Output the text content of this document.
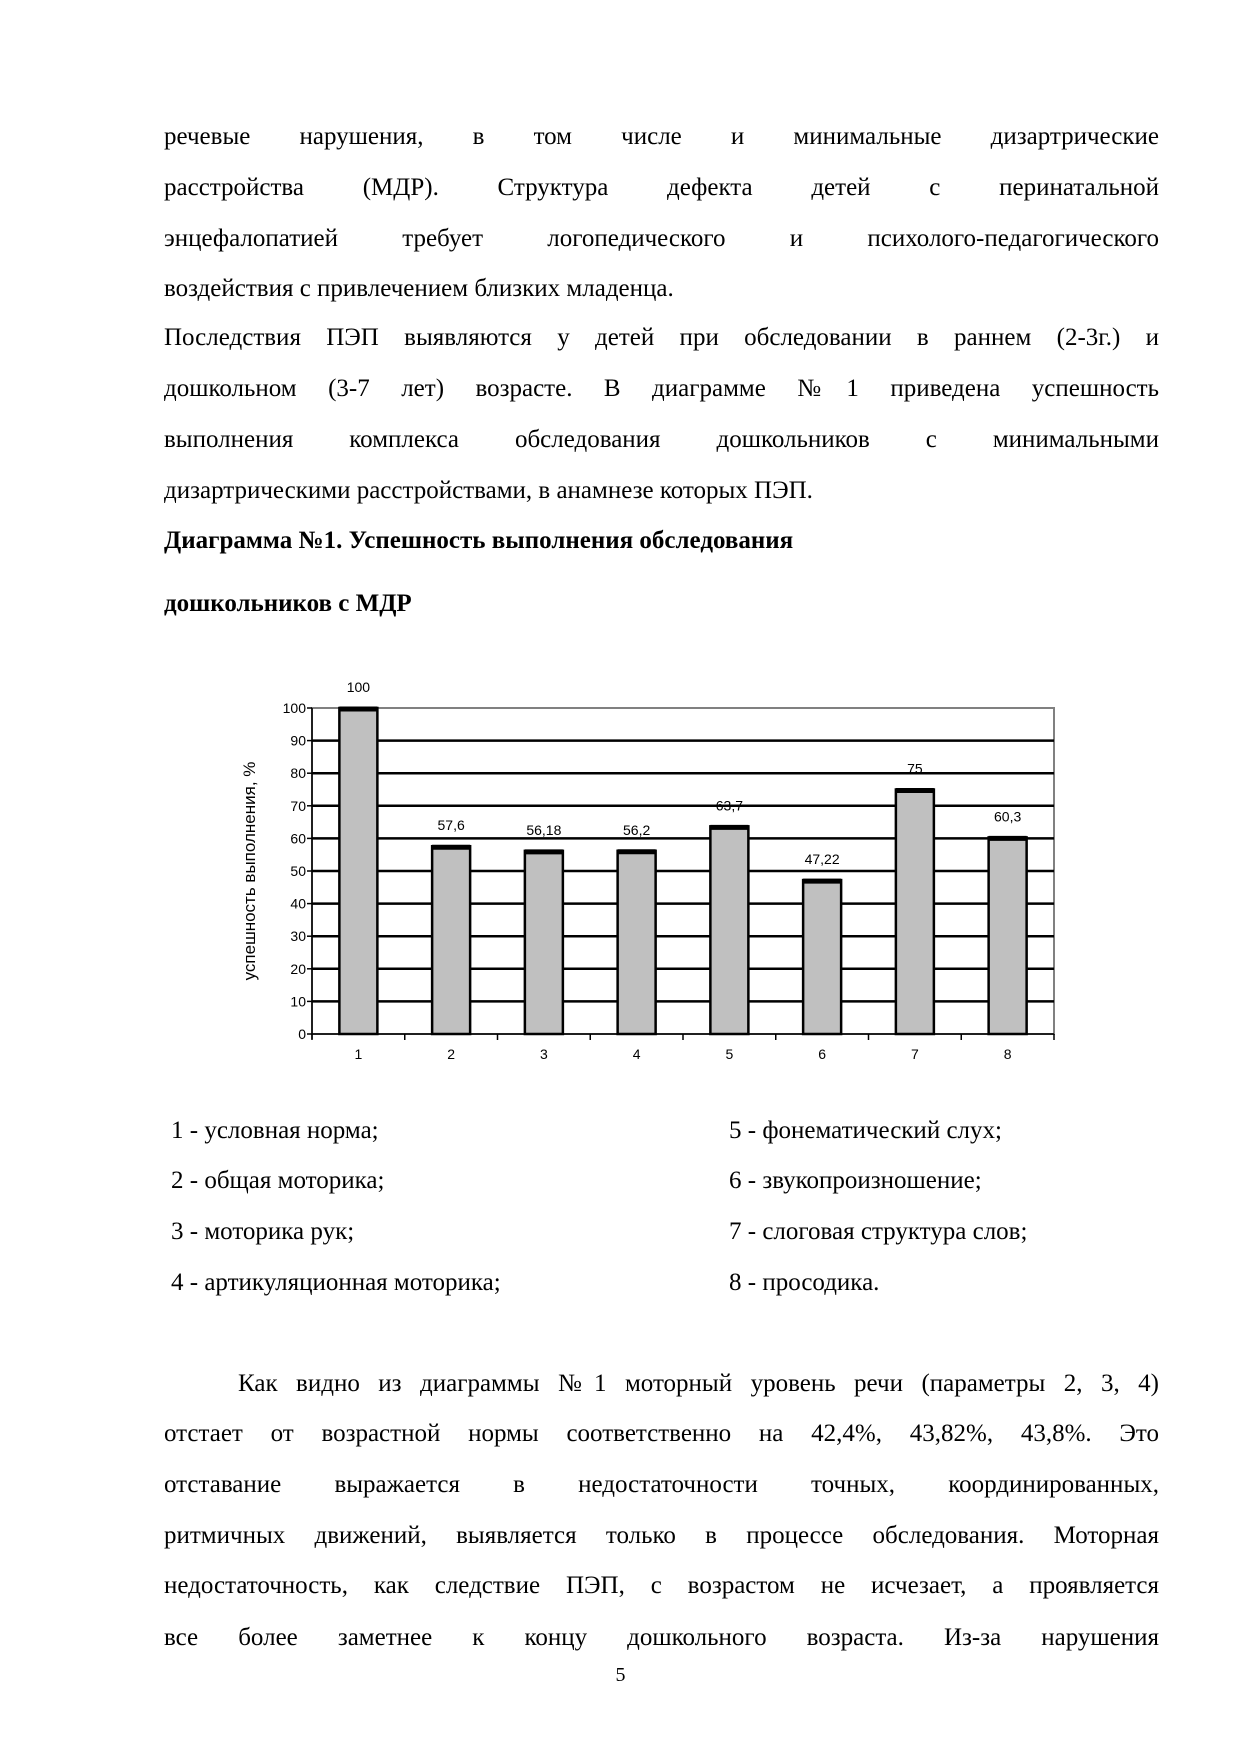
речевые нарушения, в том числе и минимальные дизартрические
расстройства (МДР). Структура дефекта детей с перинатальной
энцефалопатией требует логопедического и психолого-педагогического
воздействия с привлечением близких младенца.
Последствия ПЭП выявляются у детей при обследовании в раннем (2-3г.) и
дошкольном (3-7 лет) возрасте. В диаграмме №1 приведена успешность
выполнения комплекса обследования дошкольников с минимальными
дизартрическими расстройствами, в анамнезе которых ПЭП.
Диаграмма №1. Успешность выполнения обследования
дошкольников с МДР
0
10
20
30
40
50
60
70
80
90
100
100
1
57,6
2
56,18
3
56,2
4
63,7
5
47,22
6
75
7
60,3
8
успешность выполнения, %
1 - условная норма;
2 - общая моторика;
3 - моторика рук;
4 - артикуляционная моторика;
5 - фонематический слух;
6 - звукопроизношение;
7 - слоговая структура слов;
8 - просодика.
Как видно из диаграммы №1 моторный уровень речи (параметры 2, 3, 4)
отстает от возрастной нормы соответственно на 42,4%, 43,82%, 43,8%. Это
отставание выражается в недостаточности точных, координированных,
ритмичных движений, выявляется только в процессе обследования. Моторная
недостаточность, как следствие ПЭП, с возрастом не исчезает, а проявляется
все более заметнее к концу дошкольного возраста. Из-за нарушения
5
